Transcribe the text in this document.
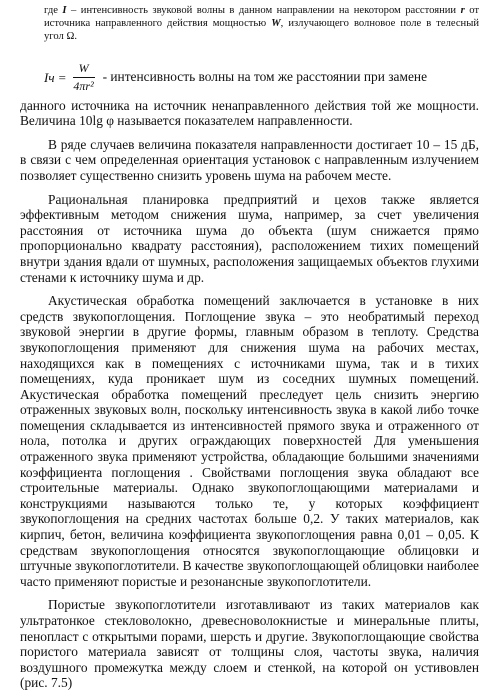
где I – интенсивность звуковой волны в данном направлении на некотором расстоянии r от источника направленного действия мощностью W, излучающего волновое поле в телесный угол Ω.
Iч = $\frac{W}{\text{4πr²}}$ - интенсивность волны на том же расстоянии при замене

данного источника на источник ненаправленного действия той же мощности. Величина 10lg φ называется показателем направленности.

В ряде случаев величина показателя направленности достигает 10 – 15 дБ, в связи с чем определенная ориентация установок с направленным излучением позволяет существенно снизить уровень шума на рабочем месте.

Рациональная планировка предприятий и цехов также является эффективным методом снижения шума, например, за счет увеличения расстояния от источника шума до объекта (шум снижается прямо пропорционально квадрату расстояния), расположением тихих помещений внутри здания вдали от шумных, расположения защищаемых объектов глухими стенами к источнику шума и др.

Акустическая обработка помещений заключается в установке в них средств звукопоглощения. Поглощение звука – это необратимый переход звуковой энергии в другие формы, главным образом в теплоту. Средства звукопоглощения применяют для снижения шума на рабочих местах, находящихся как в помещениях с источниками шума, так и в тихих помещениях, куда проникает шум из соседних шумных помещений. Акустическая обработка помещений преследует цель снизить энергию отраженных звуковых волн, поскольку интенсивность звука в какой либо точке помещения складывается из интенсивностей прямого звука и отраженного от нола, потолка и других ограждающих поверхностей Для уменьшения отраженного звука применяют устройства, обладающие большими значениями коэффициента поглощения . Свойствами поглощения звука обладают все строительные материалы. Однако звукопоглощающими материалами и конструкциями называются только те, у которых коэффициент звукопоглощения на средних частотах больше 0,2. У таких материалов, как кирпич, бетон, величина коэффициента звукопоглощения равна 0,01 – 0,05. К средствам звукопоглощения относятся звукопоглощающие облицовки и штучные звукопоглотители. В качестве звукопоглощающей облицовки наиболее часто применяют пористые и резонансные звукопоглотители.

Пористые звукопоглотители изготавливают из таких материалов как ультратонкое стекловолокно, древесноволокнистые и минеральные плиты, пенопласт с открытыми порами, шерсть и другие. Звукопоглощающие свойства пористого материала зависят от толщины слоя, частоты звука, наличия воздушного промежутка между слоем и стенкой, на которой он устивовлен (рис. 7.5)
